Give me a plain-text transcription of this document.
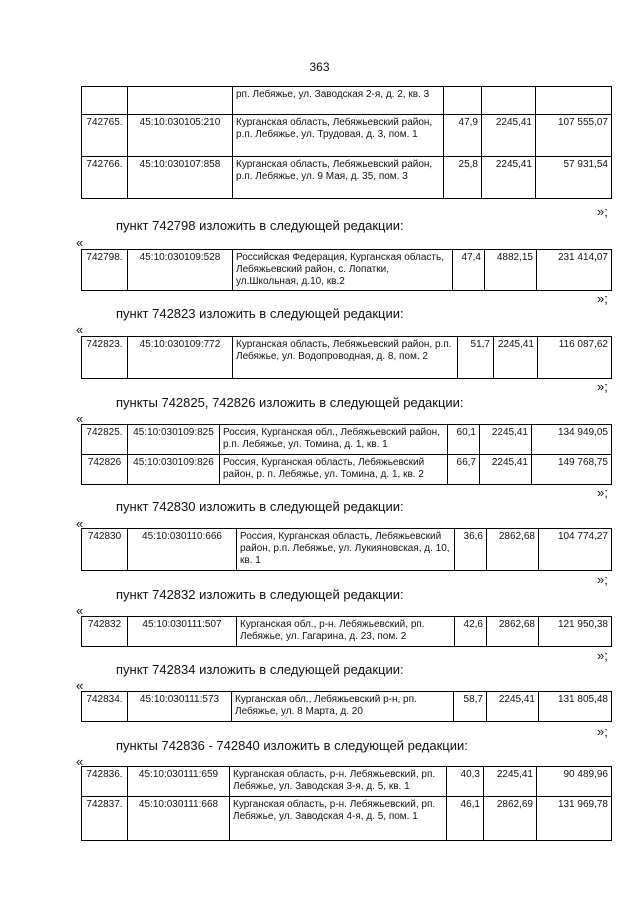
363
		рп. Лебяжье, ул. Заводская 2-я, д. 2, кв. 3			
742765.	45:10:030105:210	Курганская область, Лебяжьевский район, р.п. Лебяжье, ул. Трудовая, д. 3, пом. 1	47,9	2245,41	107 555,07
742766.	45:10:030107:858	Курганская область, Лебяжьевский район, р.п. Лебяжье, ул. 9 Мая, д. 35, пом. 3	25,8	2245,41	57 931,54
»;
пункт 742798 изложить в следующей редакции:
«
742798.	45:10:030109:528	Российская Федерация, Курганская область, Лебяжьевский район, с. Лопатки, ул.Школьная, д.10, кв.2	47,4	4882,15	231 414,07
»;
пункт 742823 изложить в следующей редакции:
«
742823.	45:10:030109:772	Курганская область, Лебяжьевский район, р.п. Лебяжье, ул. Водопроводная, д. 8, пом. 2	51,7	2245,41	116 087,62
»;
пункты 742825, 742826 изложить в следующей редакции:
«
742825.	45:10:030109:825	Россия, Курганская обл., Лебяжьевский район, р.п. Лебяжье, ул. Томина, д. 1, кв. 1	60,1	2245,41	134 949,05
742826	45:10:030109:826	Россия, Курганская область, Лебяжьевский район, р. п. Лебяжье, ул. Томина, д. 1, кв. 2	66,7	2245,41	149 768,75
»;
пункт 742830 изложить в следующей редакции:
«
742830	45:10:030110:666	Россия, Курганская область, Лебяжьевский район, р.п. Лебяжье, ул. Лукияновская, д. 10, кв. 1	36,6	2862,68	104 774,27
»;
пункт 742832 изложить в следующей редакции:
«
742832	45:10:030111:507	Курганская обл., р-н. Лебяжьевский, рп. Лебяжье, ул. Гагарина, д. 23, пом. 2	42,6	2862,68	121 950,38
»;
пункт 742834 изложить в следующей редакции:
«
742834.	45:10:030111:573	Курганская обл., Лебяжьевский р-н, рп. Лебяжье, ул. 8 Марта, д. 20	58,7	2245,41	131 805,48
»;
пункты 742836 - 742840 изложить в следующей редакции:
«
742836.	45:10:030111:659	Курганская область, р-н. Лебяжьевский, рп. Лебяжье, ул. Заводская 3-я, д. 5, кв. 1	40,3	2245,41	90 489,96
742837.	45:10:030111:668	Курганская область, р-н. Лебяжьевский, рп. Лебяжье, ул. Заводская 4-я, д. 5, пом. 1	46,1	2862,69	131 969,78
